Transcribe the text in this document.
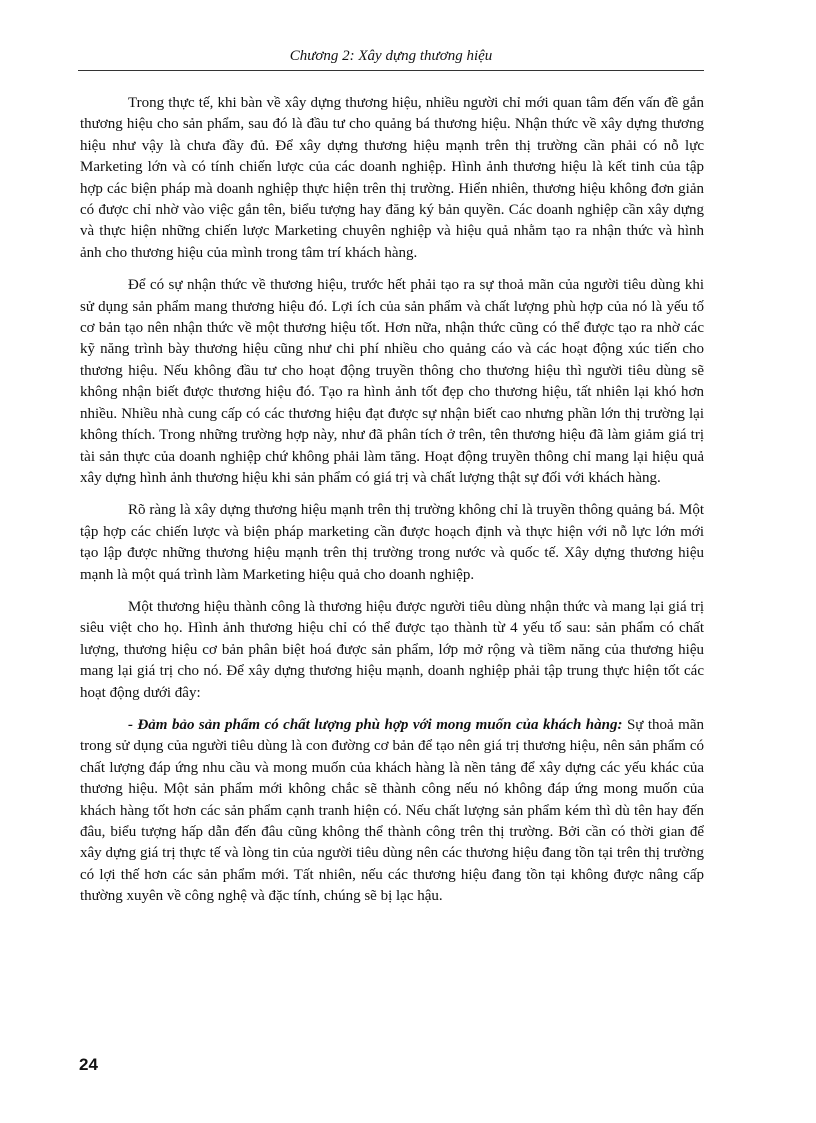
Chương 2: Xây dựng thương hiệu

Trong thực tế, khi bàn về xây dựng thương hiệu, nhiều người chỉ mới quan tâm đến vấn đề gắn thương hiệu cho sản phẩm, sau đó là đầu tư cho quảng bá thương hiệu. Nhận thức về xây dựng thương hiệu như vậy là chưa đầy đủ. Để xây dựng thương hiệu mạnh trên thị trường cần phải có nỗ lực Marketing lớn và có tính chiến lược của các doanh nghiệp. Hình ảnh thương hiệu là kết tinh của tập hợp các biện pháp mà doanh nghiệp thực hiện trên thị trường. Hiển nhiên, thương hiệu không đơn giản có được chỉ nhờ vào việc gắn tên, biểu tượng hay đăng ký bản quyền. Các doanh nghiệp cần xây dựng và thực hiện những chiến lược Marketing chuyên nghiệp và hiệu quả nhằm tạo ra nhận thức và hình ảnh cho thương hiệu của mình trong tâm trí khách hàng.

Để có sự nhận thức về thương hiệu, trước hết phải tạo ra sự thoả mãn của người tiêu dùng khi sử dụng sản phẩm mang thương hiệu đó. Lợi ích của sản phẩm và chất lượng phù hợp của nó là yếu tố cơ bản tạo nên nhận thức về một thương hiệu tốt. Hơn nữa, nhận thức cũng có thể được tạo ra nhờ các kỹ năng trình bày thương hiệu cũng như chi phí nhiều cho quảng cáo và các hoạt động xúc tiến cho thương hiệu. Nếu không đầu tư cho hoạt động truyền thông cho thương hiệu thì người tiêu dùng sẽ không nhận biết được thương hiệu đó. Tạo ra hình ảnh tốt đẹp cho thương hiệu, tất nhiên lại khó hơn nhiều. Nhiều nhà cung cấp có các thương hiệu đạt được sự nhận biết cao nhưng phần lớn thị trường lại không thích. Trong những trường hợp này, như đã phân tích ở trên, tên thương hiệu đã làm giảm giá trị tài sản thực của doanh nghiệp chứ không phải làm tăng. Hoạt động truyền thông chỉ mang lại hiệu quả xây dựng hình ảnh thương hiệu khi sản phẩm có giá trị và chất lượng thật sự đối với khách hàng.

Rõ ràng là xây dựng thương hiệu mạnh trên thị trường không chỉ là truyền thông quảng bá. Một tập hợp các chiến lược và biện pháp marketing cần được hoạch định và thực hiện với nỗ lực lớn mới tạo lập được những thương hiệu mạnh trên thị trường trong nước và quốc tế. Xây dựng thương hiệu mạnh là một quá trình làm Marketing hiệu quả cho doanh nghiệp.

Một thương hiệu thành công là thương hiệu được người tiêu dùng nhận thức và mang lại giá trị siêu việt cho họ. Hình ảnh thương hiệu chỉ có thể được tạo thành từ 4 yếu tố sau: sản phẩm có chất lượng, thương hiệu cơ bản phân biệt hoá được sản phẩm, lớp mở rộng và tiềm năng của thương hiệu mang lại giá trị cho nó. Để xây dựng thương hiệu mạnh, doanh nghiệp phải tập trung thực hiện tốt các hoạt động dưới đây:

- Đảm bảo sản phẩm có chất lượng phù hợp với mong muốn của khách hàng: Sự thoả mãn trong sử dụng của người tiêu dùng là con đường cơ bản để tạo nên giá trị thương hiệu, nên sản phẩm có chất lượng đáp ứng nhu cầu và mong muốn của khách hàng là nền tảng để xây dựng các yếu khác của thương hiệu. Một sản phẩm mới không chắc sẽ thành công nếu nó không đáp ứng mong muốn của khách hàng tốt hơn các sản phẩm cạnh tranh hiện có. Nếu chất lượng sản phẩm kém thì dù tên hay đến đâu, biểu tượng hấp dẫn đến đâu cũng không thể thành công trên thị trường. Bởi cần có thời gian để xây dựng giá trị thực tế và lòng tin của người tiêu dùng nên các thương hiệu đang tồn tại trên thị trường có lợi thế hơn các sản phẩm mới. Tất nhiên, nếu các thương hiệu đang tồn tại không được nâng cấp thường xuyên về công nghệ và đặc tính, chúng sẽ bị lạc hậu.

24
